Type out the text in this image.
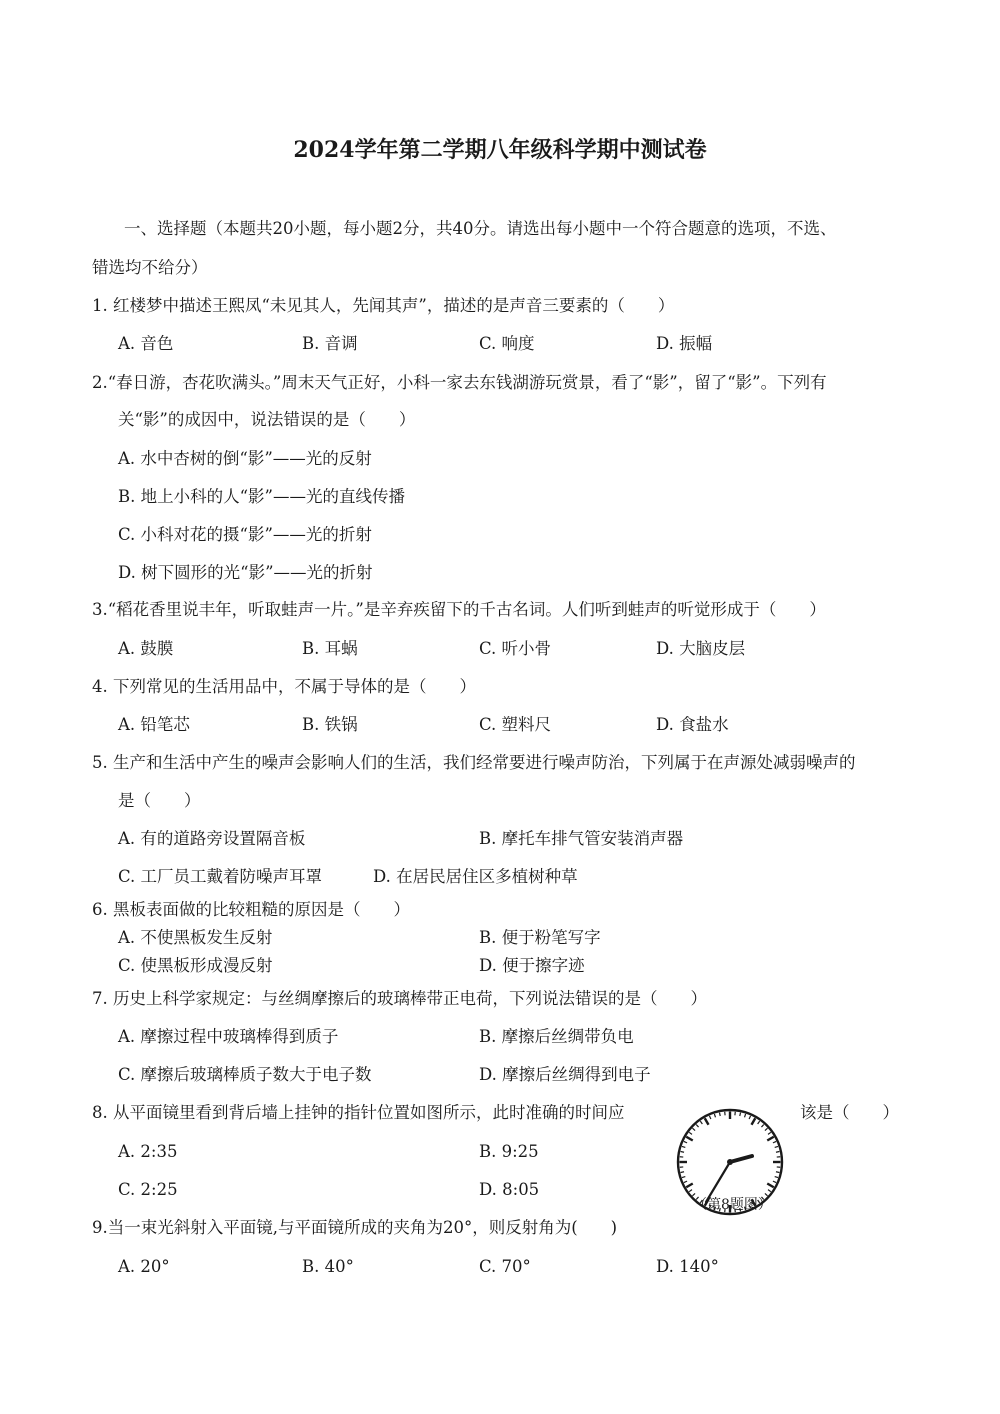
2024学年第二学期八年级科学期中测试卷
一、选择题（本题共20小题，每小题2分，共40分。请选出每小题中一个符合题意的选项，不选、
错选均不给分）
1. 红楼梦中描述王熙凤“未见其人，先闻其声”，描述的是声音三要素的（　　）
A. 音色	B. 音调	C. 响度	D. 振幅
2.“春日游，杏花吹满头。”周末天气正好，小科一家去东钱湖游玩赏景，看了“影”，留了“影”。下列有
关“影”的成因中，说法错误的是（　　）
A. 水中杏树的倒“影”——光的反射
B. 地上小科的人“影”——光的直线传播
C. 小科对花的摄“影”——光的折射
D. 树下圆形的光“影”——光的折射
3.“稻花香里说丰年，听取蛙声一片。”是辛弃疾留下的千古名词。人们听到蛙声的听觉形成于（　　）
A. 鼓膜	B. 耳蜗	C. 听小骨	D. 大脑皮层
4. 下列常见的生活用品中，不属于导体的是（　　）
A. 铅笔芯	B. 铁锅	C. 塑料尺	D. 食盐水
5. 生产和生活中产生的噪声会影响人们的生活，我们经常要进行噪声防治，下列属于在声源处减弱噪声的
是（　　）
A. 有的道路旁设置隔音板	B. 摩托车排气管安装消声器
C. 工厂员工戴着防噪声耳罩	D. 在居民居住区多植树种草
6. 黑板表面做的比较粗糙的原因是（　　）
A. 不使黑板发生反射	B. 便于粉笔写字
C. 使黑板形成漫反射	D. 便于擦字迹
7. 历史上科学家规定：与丝绸摩擦后的玻璃棒带正电荷，下列说法错误的是（　　）
A. 摩擦过程中玻璃棒得到质子	B. 摩擦后丝绸带负电
C. 摩擦后玻璃棒质子数大于电子数	D. 摩擦后丝绸得到电子
8. 从平面镜里看到背后墙上挂钟的指针位置如图所示，此时准确的时间应	该是（　　）
A. 2:35	B. 9:25
C. 2:25	D. 8:05
（第8题图）
9.当一束光斜射入平面镜,与平面镜所成的夹角为20°，则反射角为(　　)
A. 20°	B. 40°	C. 70°	D. 140°
